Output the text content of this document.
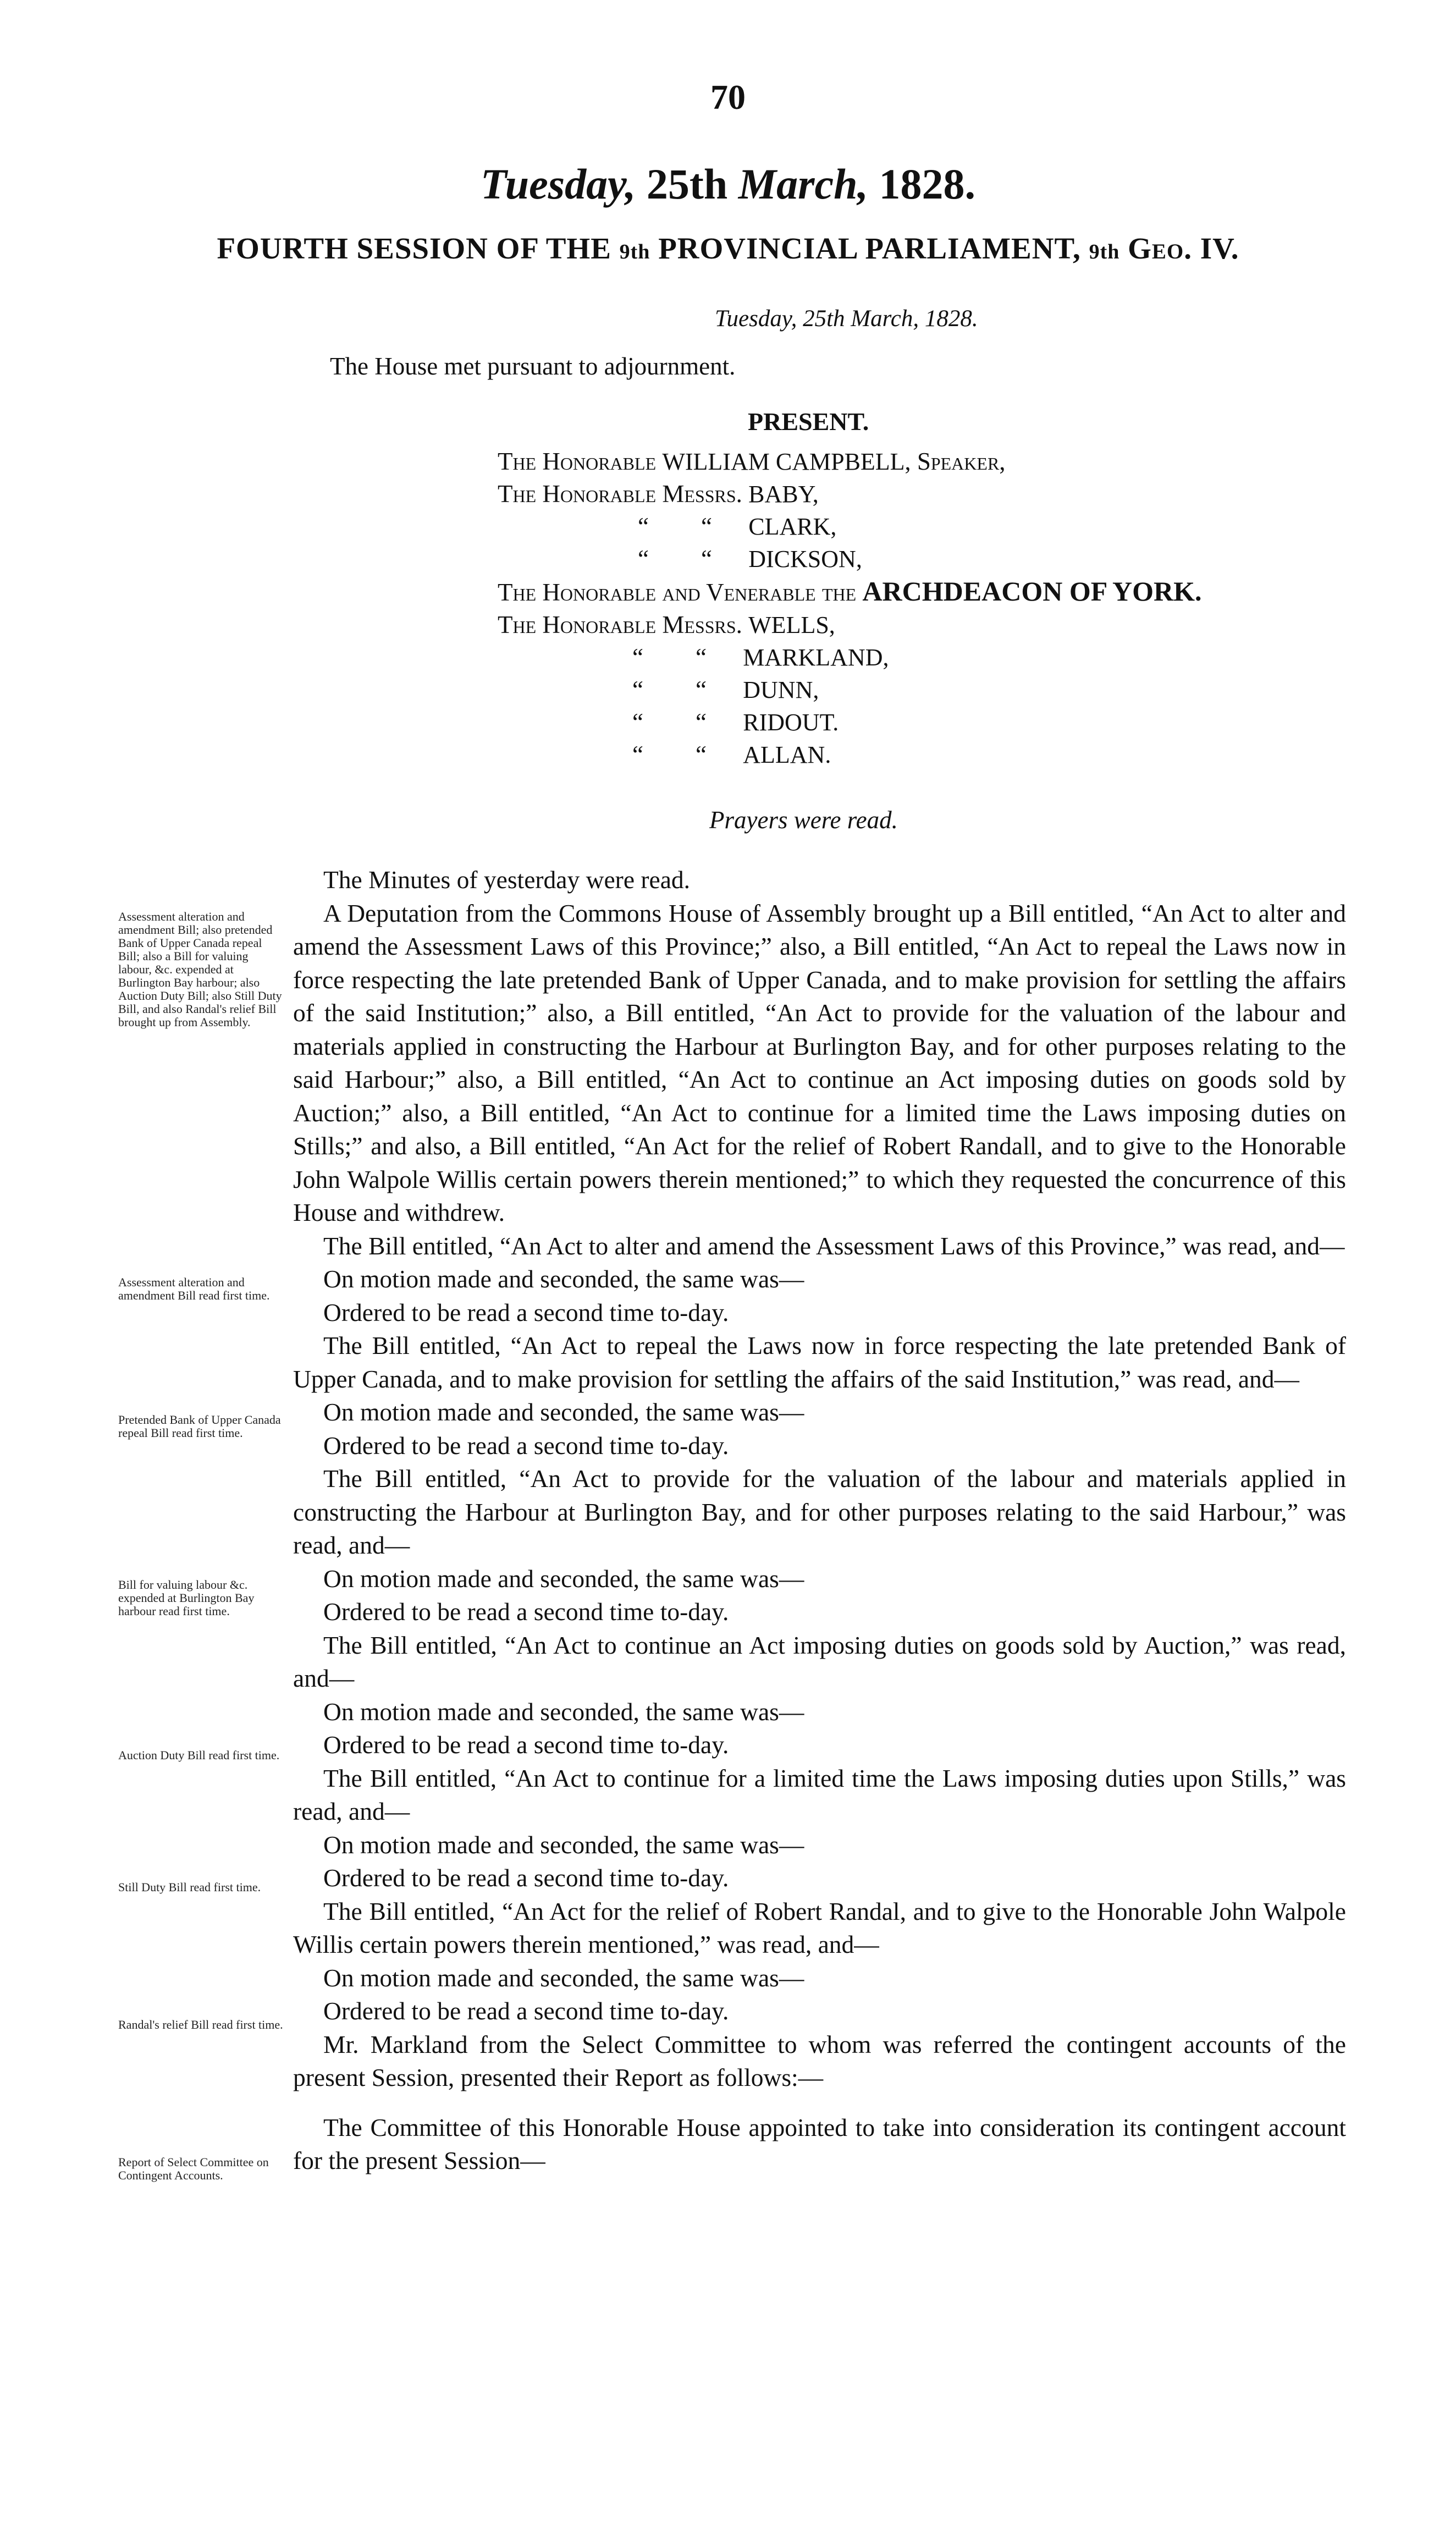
70
Tuesday, 25th March, 1828.
FOURTH SESSION OF THE 9th PROVINCIAL PARLIAMENT, 9th Geo. IV.
Tuesday, 25th March, 1828.
The House met pursuant to adjournment.
PRESENT.
The Honorable WILLIAM CAMPBELL, Speaker,
The Honorable Messrs. BABY,
“ “ CLARK,
“ “ DICKSON,
The Honorable and Venerable the ARCHDEACON OF YORK.
The Honorable Messrs. WELLS,
“ “ MARKLAND,
“ “ DUNN,
“ “ RIDOUT.
“ “ ALLAN.
Prayers were read.
Assessment alteration and amendment Bill; also pretended Bank of Upper Canada repeal Bill; also a Bill for valuing labour, &c. expended at Burlington Bay harbour; also Auction Duty Bill; also Still Duty Bill, and also Randal's relief Bill brought up from Assembly.
Assessment alteration and amendment Bill read first time.
Pretended Bank of Upper Canada repeal Bill read first time.
Bill for valuing labour &c. expended at Burlington Bay harbour read first time.
Auction Duty Bill read first time.
Still Duty Bill read first time.
Randal's relief Bill read first time.
Report of Select Committee on Contingent Accounts.

The Minutes of yesterday were read.

A Deputation from the Commons House of Assembly brought up a Bill entitled, “An Act to alter and amend the Assessment Laws of this Province;” also, a Bill entitled, “An Act to repeal the Laws now in force respecting the late pretended Bank of Upper Canada, and to make provision for settling the affairs of the said Institution;” also, a Bill entitled, “An Act to provide for the valuation of the labour and materials applied in constructing the Harbour at Burlington Bay, and for other purposes relating to the said Harbour;” also, a Bill entitled, “An Act to continue an Act imposing duties on goods sold by Auction;” also, a Bill entitled, “An Act to continue for a limited time the Laws imposing duties on Stills;” and also, a Bill entitled, “An Act for the relief of Robert Randall, and to give to the Honorable John Walpole Willis certain powers therein mentioned;” to which they requested the concurrence of this House and withdrew.

The Bill entitled, “An Act to alter and amend the Assessment Laws of this Province,” was read, and—

On motion made and seconded, the same was—

Ordered to be read a second time to-day.

The Bill entitled, “An Act to repeal the Laws now in force respecting the late pretended Bank of Upper Canada, and to make provision for settling the affairs of the said Institution,” was read, and—

On motion made and seconded, the same was—

Ordered to be read a second time to-day.

The Bill entitled, “An Act to provide for the valuation of the labour and materials applied in constructing the Harbour at Burlington Bay, and for other purposes relating to the said Harbour,” was read, and—

On motion made and seconded, the same was—

Ordered to be read a second time to-day.

The Bill entitled, “An Act to continue an Act imposing duties on goods sold by Auction,” was read, and—

On motion made and seconded, the same was—

Ordered to be read a second time to-day.

The Bill entitled, “An Act to continue for a limited time the Laws imposing duties upon Stills,” was read, and—

On motion made and seconded, the same was—

Ordered to be read a second time to-day.

The Bill entitled, “An Act for the relief of Robert Randal, and to give to the Honorable John Walpole Willis certain powers therein mentioned,” was read, and—

On motion made and seconded, the same was—

Ordered to be read a second time to-day.

Mr. Markland from the Select Committee to whom was referred the contingent accounts of the present Session, presented their Report as follows:—

The Committee of this Honorable House appointed to take into consideration its contingent account for the present Session—
